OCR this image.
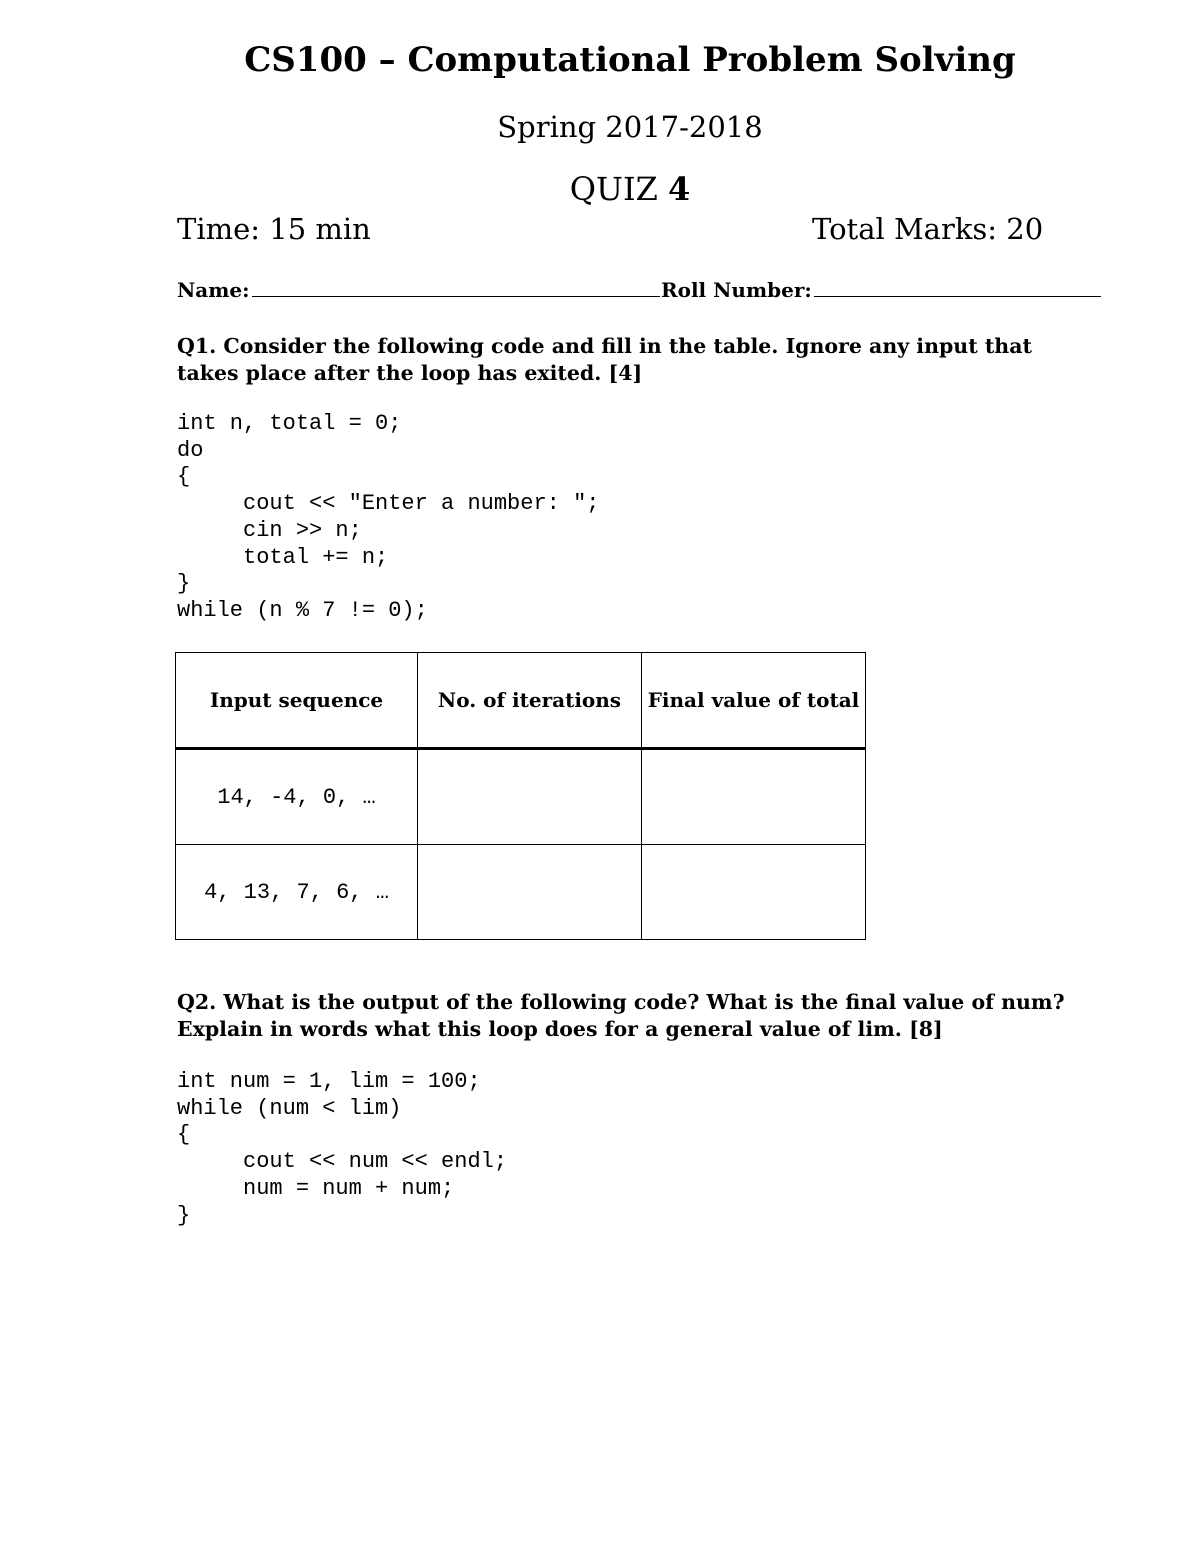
CS100 – Computational Problem Solving
Spring 2017-2018
QUIZ 4
Time: 15 min	Total Marks: 20
Name:	Roll Number:
Q1. Consider the following code and fill in the table. Ignore any input that takes place after the loop has exited. [4]
int n, total = 0;
do
{
cout << "Enter a number: ";
cin >> n;
total += n;
}
while (n % 7 != 0);
Input sequence	No. of iterations	Final value of total
14, -4, 0, …		
4, 13, 7, 6, …		
Q2. What is the output of the following code? What is the final value of num? Explain in words what this loop does for a general value of lim. [8]
int num = 1, lim = 100;
while (num < lim)
{
cout << num << endl;
num = num + num;
}
